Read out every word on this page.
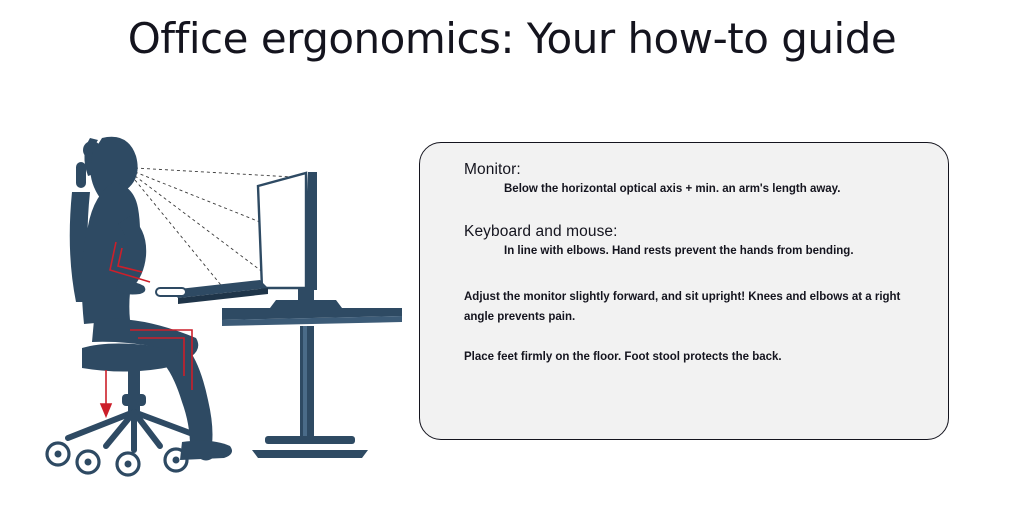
Office ergonomics: Your how-to guide
Monitor:
Below the horizontal optical axis + min. an arm's length away.
Keyboard and mouse:
In line with elbows. Hand rests prevent the hands from bending.
Adjust the monitor slightly forward, and sit upright! Knees and elbows at a right angle prevents pain.
Place feet firmly on the floor. Foot stool protects the back.
